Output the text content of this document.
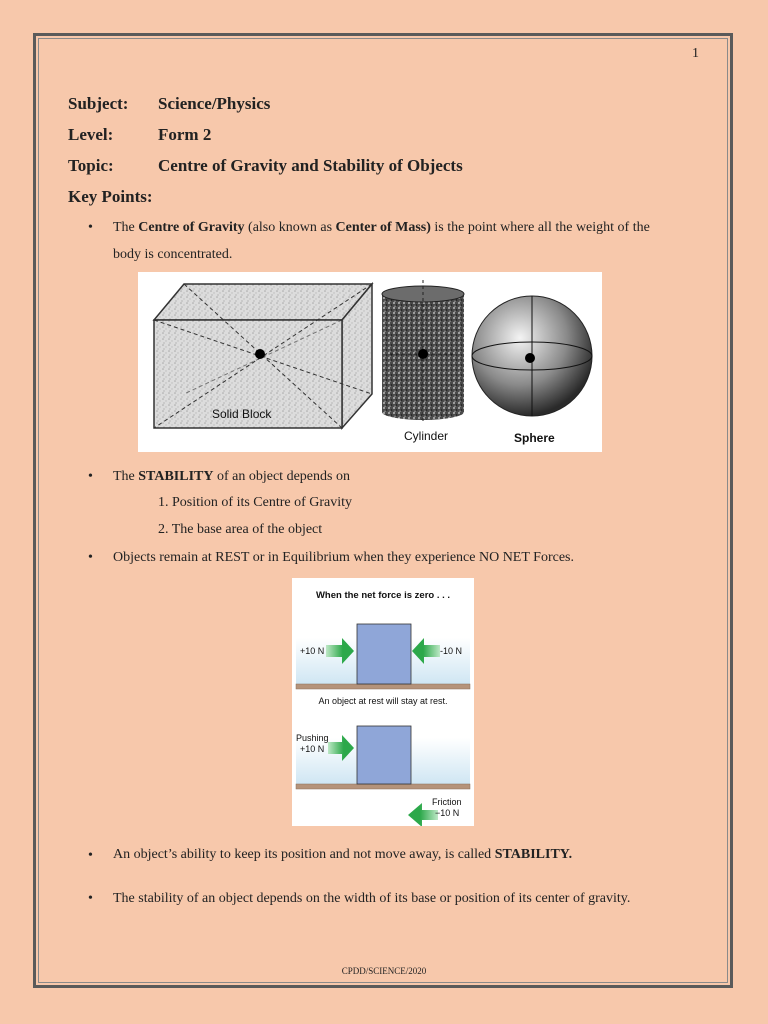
1
Subject: Science/Physics
Level:	Form 2
Topic:	Centre of Gravity and Stability of Objects
Key Points:
• The Centre of Gravity (also known as Center of Mass) is the point where all the weight of the
body is concentrated.
Solid Block
Cylinder	Sphere
• The STABILITY of an object depends on
1. Position of its Centre of Gravity
2. The base area of the object
• Objects remain at REST or in Equilibrium when they experience NO NET Forces.
When the net force is zero . . .
+10 N	-10 N
An object at rest will stay at rest.
Pushing
+10 N
Friction
−10 N
• An object’s ability to keep its position and not move away, is called STABILITY.
• The stability of an object depends on the width of its base or position of its center of gravity.
CPDD/SCIENCE/2020
